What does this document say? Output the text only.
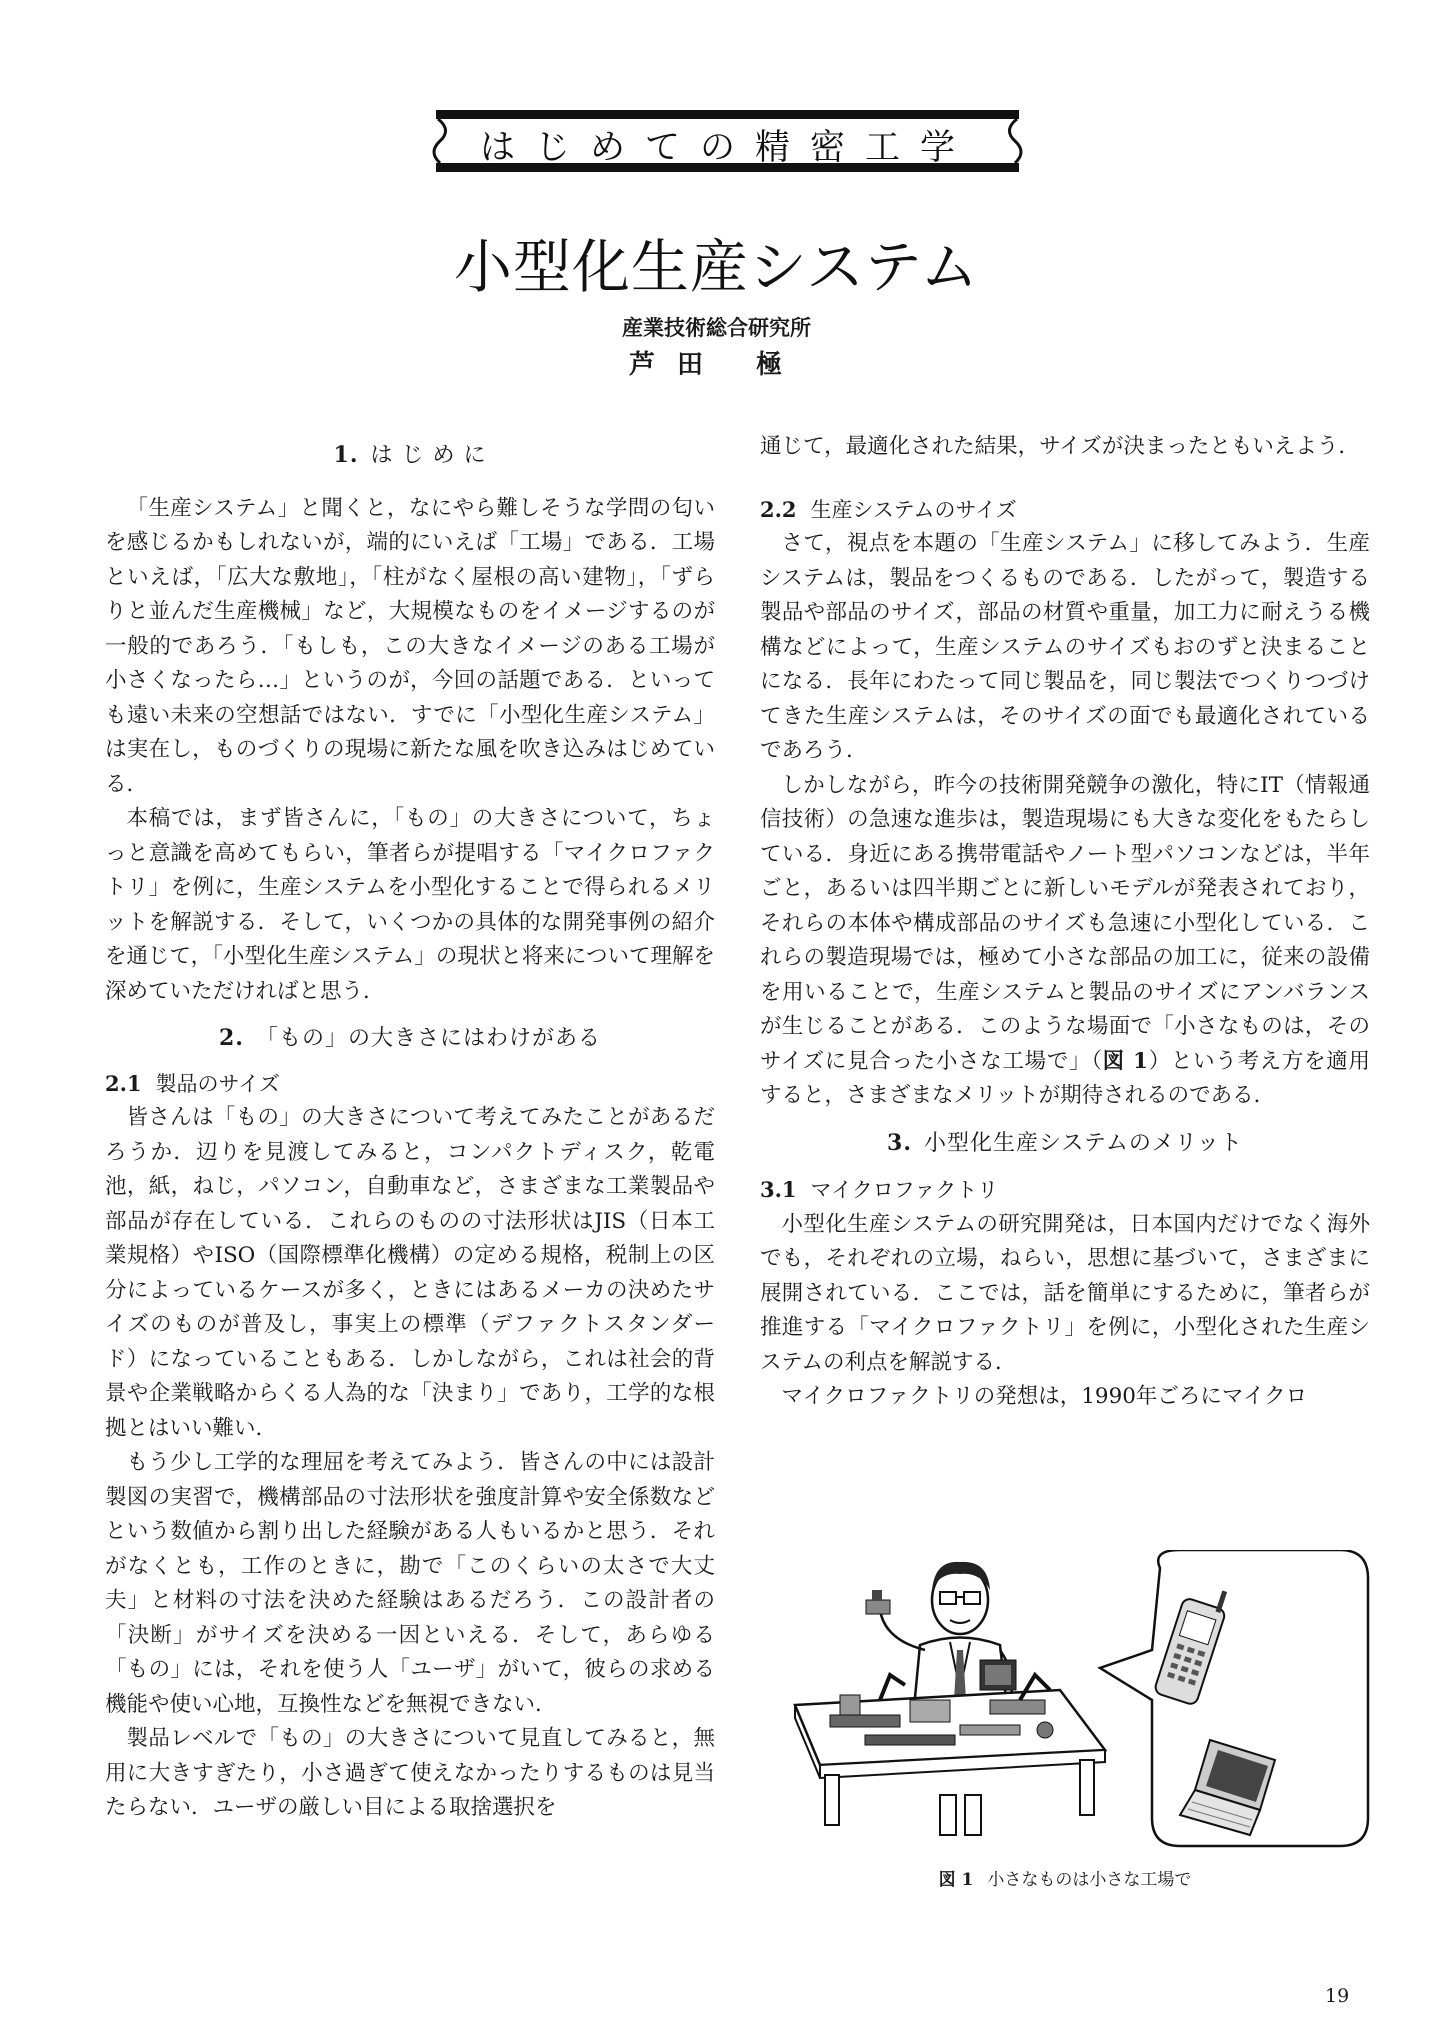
はじめての精密工学
小型化生産システム
産業技術総合研究所
芦田 極
1. は じ め に

「生産システム」と聞くと，なにやら難しそうな学問の匂いを感じるかもしれないが，端的にいえば「工場」である．工場といえば，「広大な敷地」，「柱がなく屋根の高い建物」，「ずらりと並んだ生産機械」など，大規模なものをイメージするのが一般的であろう．「もしも，この大きなイメージのある工場が小さくなったら…」というのが，今回の話題である．といっても遠い未来の空想話ではない．すでに「小型化生産システム」は実在し，ものづくりの現場に新たな風を吹き込みはじめている．

本稿では，まず皆さんに，「もの」の大きさについて，ちょっと意識を高めてもらい，筆者らが提唱する「マイクロファクトリ」を例に，生産システムを小型化することで得られるメリットを解説する．そして，いくつかの具体的な開発事例の紹介を通じて，「小型化生産システム」の現状と将来について理解を深めていただければと思う．

2. 「もの」の大きさにはわけがある
2.1 製品のサイズ

皆さんは「もの」の大きさについて考えてみたことがあるだろうか．辺りを見渡してみると，コンパクトディスク，乾電池，紙，ねじ，パソコン，自動車など，さまざまな工業製品や部品が存在している．これらのものの寸法形状はJIS（日本工業規格）やISO（国際標準化機構）の定める規格，税制上の区分によっているケースが多く，ときにはあるメーカの決めたサイズのものが普及し，事実上の標準（デファクトスタンダード）になっていることもある．しかしながら，これは社会的背景や企業戦略からくる人為的な「決まり」であり，工学的な根拠とはいい難い．

もう少し工学的な理屈を考えてみよう．皆さんの中には設計製図の実習で，機構部品の寸法形状を強度計算や安全係数などという数値から割り出した経験がある人もいるかと思う．それがなくとも，工作のときに，勘で「このくらいの太さで大丈夫」と材料の寸法を決めた経験はあるだろう．この設計者の「決断」がサイズを決める一因といえる．そして，あらゆる「もの」には，それを使う人「ユーザ」がいて，彼らの求める機能や使い心地，互換性などを無視できない．

製品レベルで「もの」の大きさについて見直してみると，無用に大きすぎたり，小さ過ぎて使えなかったりするものは見当たらない．ユーザの厳しい目による取捨選択を

通じて，最適化された結果，サイズが決まったともいえよう．

2.2 生産システムのサイズ

さて，視点を本題の「生産システム」に移してみよう．生産システムは，製品をつくるものである．したがって，製造する製品や部品のサイズ，部品の材質や重量，加工力に耐えうる機構などによって，生産システムのサイズもおのずと決まることになる．長年にわたって同じ製品を，同じ製法でつくりつづけてきた生産システムは，そのサイズの面でも最適化されているであろう．

しかしながら，昨今の技術開発競争の激化，特にIT（情報通信技術）の急速な進歩は，製造現場にも大きな変化をもたらしている．身近にある携帯電話やノート型パソコンなどは，半年ごと，あるいは四半期ごとに新しいモデルが発表されており，それらの本体や構成部品のサイズも急速に小型化している．これらの製造現場では，極めて小さな部品の加工に，従来の設備を用いることで，生産システムと製品のサイズにアンバランスが生じることがある．このような場面で「小さなものは，そのサイズに見合った小さな工場で」（図 1）という考え方を適用すると，さまざまなメリットが期待されるのである．

3. 小型化生産システムのメリット
3.1 マイクロファクトリ

小型化生産システムの研究開発は，日本国内だけでなく海外でも，それぞれの立場，ねらい，思想に基づいて，さまざまに展開されている．ここでは，話を簡単にするために，筆者らが推進する「マイクロファクトリ」を例に，小型化された生産システムの利点を解説する．

マイクロファクトリの発想は，1990年ごろにマイクロ

図 1 小さなものは小さな工場で
19
